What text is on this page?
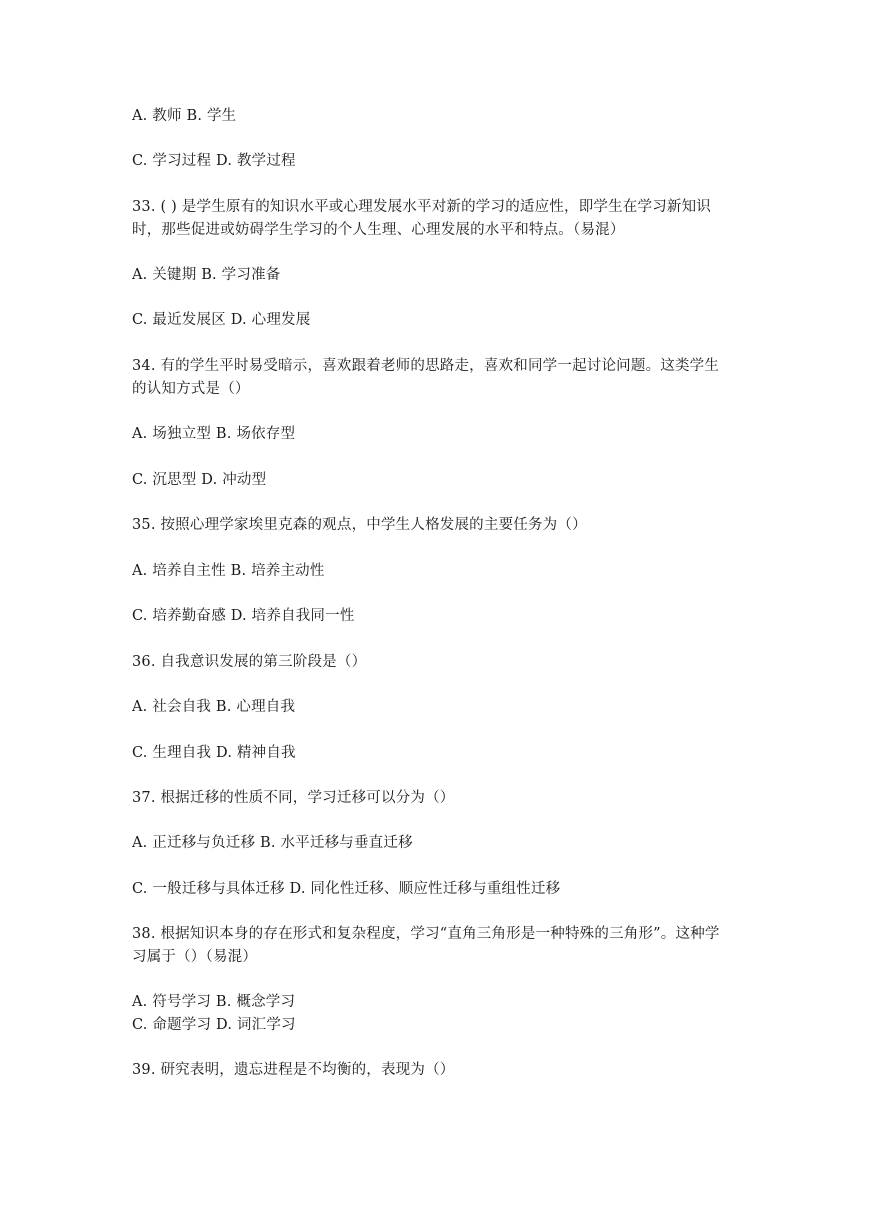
A. 教师 B. 学生
C. 学习过程 D. 教学过程
33. ( ) 是学生原有的知识水平或心理发展水平对新的学习的适应性，即学生在学习新知识
时，那些促进或妨碍学生学习的个人生理、心理发展的水平和特点。（易混）
A. 关键期 B. 学习准备
C. 最近发展区 D. 心理发展
34. 有的学生平时易受暗示，喜欢跟着老师的思路走，喜欢和同学一起讨论问题。这类学生
的认知方式是（）
A. 场独立型 B. 场依存型
C. 沉思型 D. 冲动型
35. 按照心理学家埃里克森的观点，中学生人格发展的主要任务为（）
A. 培养自主性 B. 培养主动性
C. 培养勤奋感 D. 培养自我同一性
36. 自我意识发展的第三阶段是（）
A. 社会自我 B. 心理自我
C. 生理自我 D. 精神自我
37. 根据迁移的性质不同，学习迁移可以分为（）
A. 正迁移与负迁移 B. 水平迁移与垂直迁移
C. 一般迁移与具体迁移 D. 同化性迁移、顺应性迁移与重组性迁移
38. 根据知识本身的存在形式和复杂程度，学习“直角三角形是一种特殊的三角形”。这种学
习属于（）（易混）
A. 符号学习 B. 概念学习
C. 命题学习 D. 词汇学习
39. 研究表明，遗忘进程是不均衡的，表现为（）
